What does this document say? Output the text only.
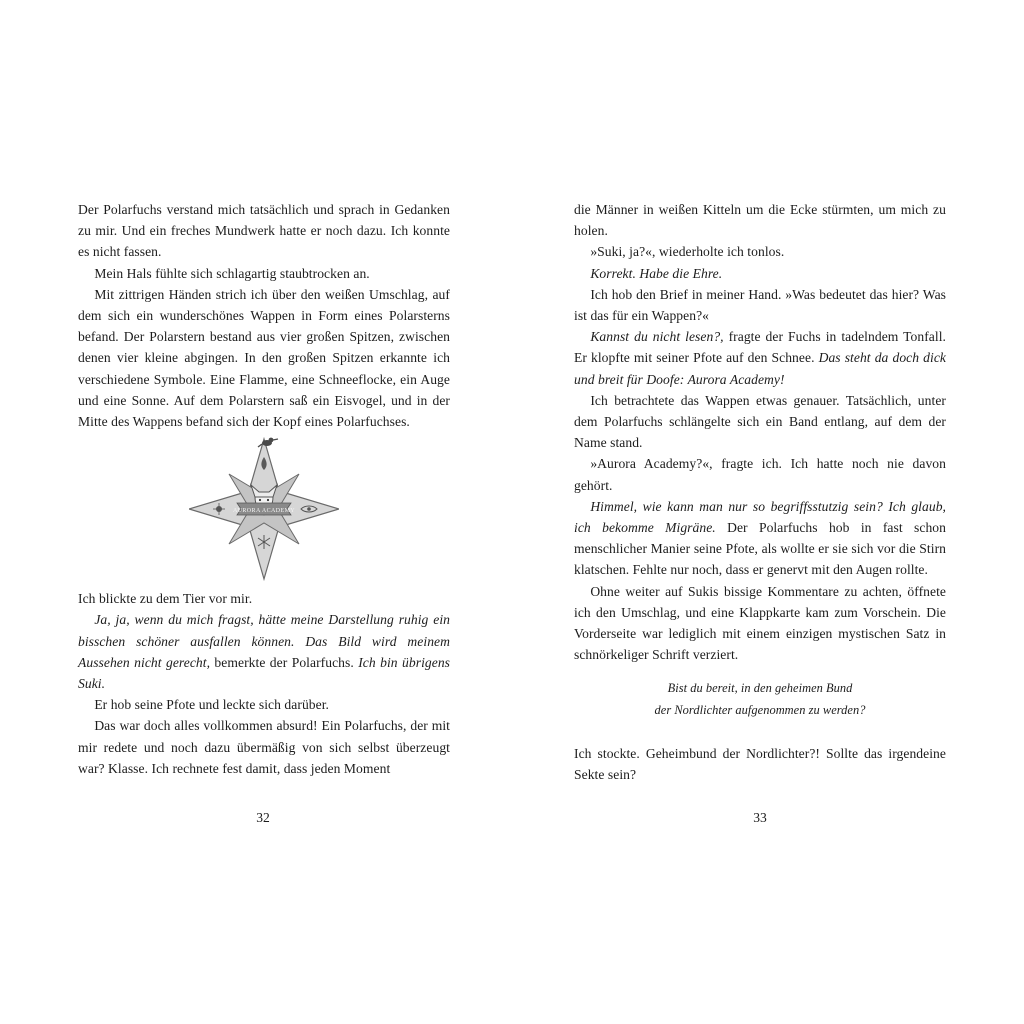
Der Polarfuchs verstand mich tatsächlich und sprach in Gedanken zu mir. Und ein freches Mundwerk hatte er noch dazu. Ich konnte es nicht fassen.

Mein Hals fühlte sich schlagartig staubtrocken an.

Mit zittrigen Händen strich ich über den weißen Umschlag, auf dem sich ein wunderschönes Wappen in Form eines Polarsterns befand. Der Polarstern bestand aus vier großen Spitzen, zwischen denen vier kleine abgingen. In den großen Spitzen erkannte ich verschiedene Symbole. Eine Flamme, eine Schneeflocke, ein Auge und eine Sonne. Auf dem Polarstern saß ein Eisvogel, und in der Mitte des Wappens befand sich der Kopf eines Polarfuchses.

AURORA ACADEMY

Ich blickte zu dem Tier vor mir.

Ja, ja, wenn du mich fragst, hätte meine Darstellung ruhig ein bisschen schöner ausfallen können. Das Bild wird meinem Aussehen nicht gerecht, bemerkte der Polarfuchs. Ich bin übrigens Suki.

Er hob seine Pfote und leckte sich darüber.

Das war doch alles vollkommen absurd! Ein Polarfuchs, der mit mir redete und noch dazu übermäßig von sich selbst überzeugt war? Klasse. Ich rechnete fest damit, dass jeden Moment

die Männer in weißen Kitteln um die Ecke stürmten, um mich zu holen.

»Suki, ja?«, wiederholte ich tonlos.

Korrekt. Habe die Ehre.

Ich hob den Brief in meiner Hand. »Was bedeutet das hier? Was ist das für ein Wappen?«

Kannst du nicht lesen?, fragte der Fuchs in tadelndem Tonfall. Er klopfte mit seiner Pfote auf den Schnee. Das steht da doch dick und breit für Doofe: Aurora Academy!

Ich betrachtete das Wappen etwas genauer. Tatsächlich, unter dem Polarfuchs schlängelte sich ein Band entlang, auf dem der Name stand.

»Aurora Academy?«, fragte ich. Ich hatte noch nie davon gehört.

Himmel, wie kann man nur so begriffsstutzig sein? Ich glaub, ich bekomme Migräne. Der Polarfuchs hob in fast schon menschlicher Manier seine Pfote, als wollte er sie sich vor die Stirn klatschen. Fehlte nur noch, dass er genervt mit den Augen rollte.

Ohne weiter auf Sukis bissige Kommentare zu achten, öffnete ich den Umschlag, und eine Klappkarte kam zum Vorschein. Die Vorderseite war lediglich mit einem einzigen mystischen Satz in schnörkeliger Schrift verziert.

Bist du bereit, in den geheimen Bund
der Nordlichter aufgenommen zu werden?

Ich stockte. Geheimbund der Nordlichter?! Sollte das irgendeine Sekte sein?

32	33
